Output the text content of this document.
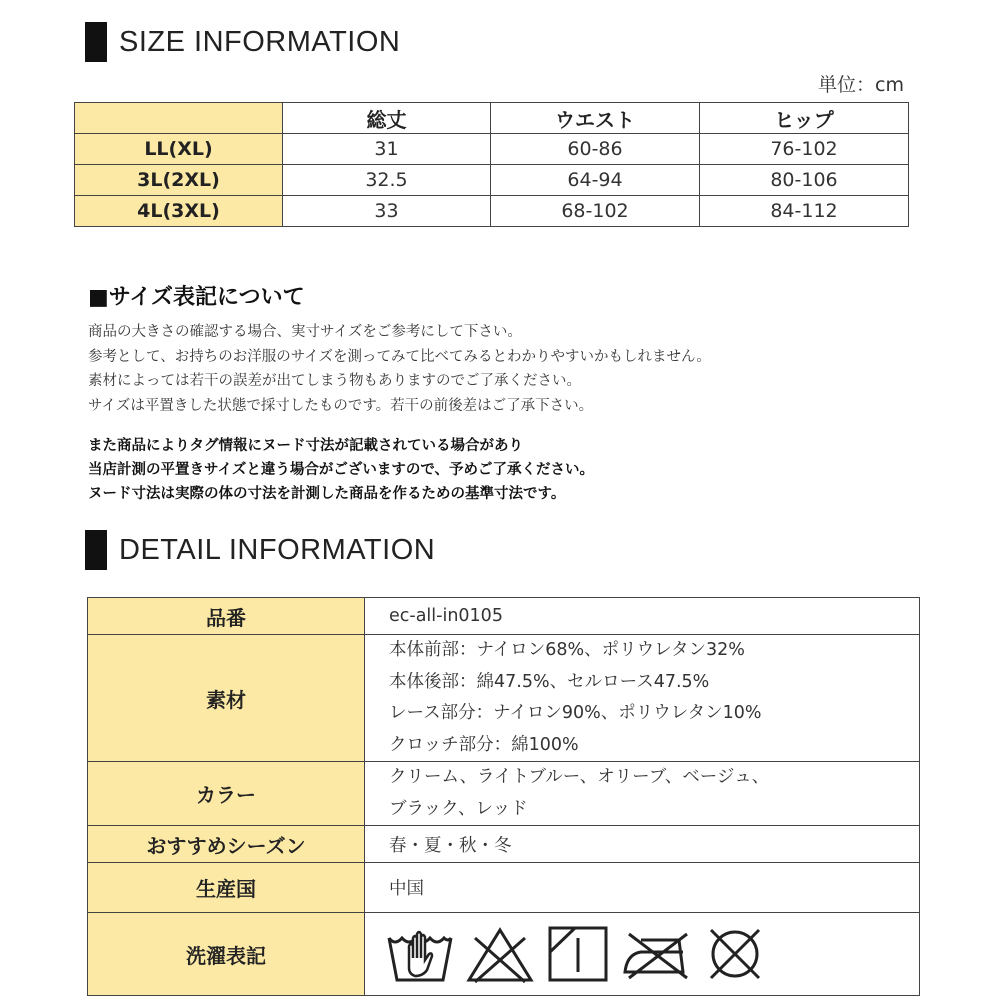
SIZE INFORMATION
単位：cm
	総丈	ウエスト	ヒップ
LL(XL)	31	60-86	76-102
3L(2XL)	32.5	64-94	80-106
4L(3XL)	33	68-102	84-112
■サイズ表記について
商品の大きさの確認する場合、実寸サイズをご参考にして下さい。
参考として、お持ちのお洋服のサイズを測ってみて比べてみるとわかりやすいかもしれません。
素材によっては若干の誤差が出てしまう物もありますのでご了承ください。
サイズは平置きした状態で採寸したものです。若干の前後差はご了承下さい。
また商品によりタグ情報にヌード寸法が記載されている場合があり
当店計測の平置きサイズと違う場合がございますので、予めご了承ください。
ヌード寸法は実際の体の寸法を計測した商品を作るための基準寸法です。
DETAIL INFORMATION
品番	ec-all-in0105
素材	本体前部：ナイロン68%、ポリウレタン32%
本体後部：綿47.5%、セルロース47.5%
レース部分：ナイロン90%、ポリウレタン10%
クロッチ部分：綿100%

カラー	クリーム、ライトブルー、オリーブ、ベージュ、
ブラック、レッド

おすすめシーズン	春・夏・秋・冬
生産国	中国
洗濯表記	
